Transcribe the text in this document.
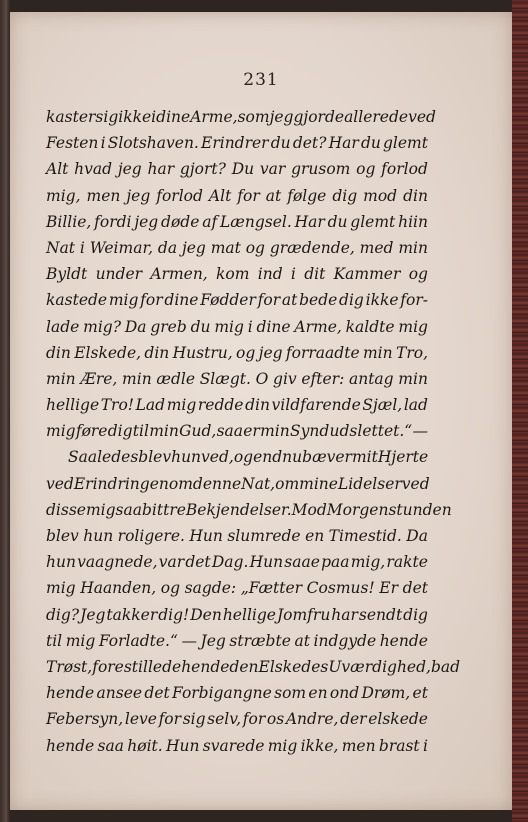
231
kaster sig ikke i dine Arme, som jeg gjorde allerede ved
Festen i Slotshaven. Erindrer du det? Har du glemt
Alt hvad jeg har gjort? Du var grusom og forlod
mig, men jeg forlod Alt for at følge dig mod din
Billie, fordi jeg døde af Længsel. Har du glemt hiin
Nat i Weimar, da jeg mat og grædende, med min
Byldt under Armen, kom ind i dit Kammer og
kastede mig for dine Fødder for at bede dig ikke for-
lade mig? Da greb du mig i dine Arme, kaldte mig
din Elskede, din Hustru, og jeg forraadte min Tro,
min Ære, min ædle Slægt. O giv efter: antag min
hellige Tro! Lad mig redde din vildfarende Sjæl, lad
mig føre dig til min Gud, saa er min Synd udslettet.“ —
Saaledes blev hun ved, og endnu bæver mit Hjerte
ved Erindringen om denne Nat, om mine Lidelser ved
disse mig saa bittre Bekjendelser. Mod Morgenstunden
blev hun roligere. Hun slumrede en Timestid. Da
hun vaagnede, var det Dag. Hun saae paa mig, rakte
mig Haanden, og sagde: „Fætter Cosmus! Er det
dig? Jeg takker dig! Den hellige Jomfru har sendt dig
til mig Forladte.“ — Jeg stræbte at indgyde hende
Trøst, forestillede hende den Elskedes Uværdighed, bad
hende ansee det Forbigangne som en ond Drøm, et
Febersyn, leve for sig selv, for os Andre, der elskede
hende saa høit. Hun svarede mig ikke, men brast i
